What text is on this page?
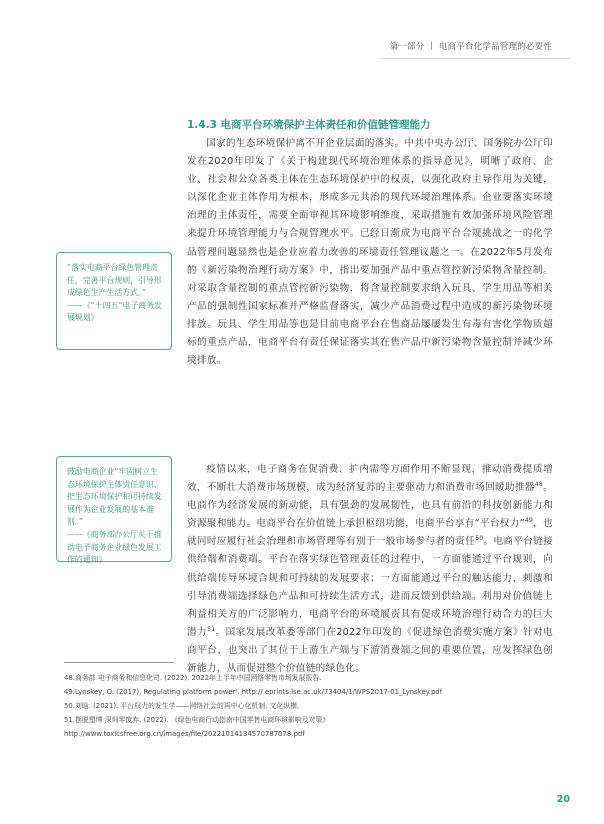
第一部分 丨 电商平台化学品管理的必要性
1.4.3 电商平台环境保护主体责任和价值链管理能力

国家的生态环境保护离不开企业层面的落实。中共中央办公厅、国务院办公厅印发在2020年印发了《关于构建现代环境治理体系的指导意见》，明晰了政府、企业、社会和公众各类主体在生态环境保护中的权责，以强化政府主导作用为关键，以深化企业主体作用为根本，形成多元共治的现代环境治理体系。企业要落实环境治理的主体责任，需要全面审视其环境影响维度，采取措施有效加强环境风险管理来提升环境管理能力与合规管理水平。已经日渐成为电商平台合规挑战之一的化学品管理问题显然也是企业应着力改善的环境责任管理议题之一。在2022年5月发布的《新污染物治理行动方案》中，指出要加强产品中重点管控新污染物含量控制。对采取含量控制的重点管控新污染物，将含量控制要求纳入玩具、学生用品等相关产品的强制性国家标准并严格监督落实，减少产品消费过程中造成的新污染物环境排放。玩具、学生用品等也是目前电商平台在售商品屡屡发生有毒有害化学物质超标的重点产品，电商平台有责任保证落实其在售产品中新污染物含量控制并减少环境排放。

疫情以来，电子商务在促消费、扩内需等方面作用不断显现，推动消费提质增效，不断壮大消费市场规模，成为经济复苏的主要驱动力和消费市场回暖助推器$^{48}$。电商作为经济发展的新动能，具有强劲的发展韧性，也具有前沿的科技创新能力和资源聚和能力。电商平台在价值链上承担枢纽功能，电商平台享有“平台权力”$^{49}$，也就同时应履行社会治理和市场管理等有别于一般市场参与者的责任$^{50}$。电商平台链接供给端和消费端。平台在落实绿色管理责任的过程中，一方面能通过平台规则，向供给端传导环境合规和可持续的发展要求；一方面能通过平台的触达能力，刺激和引导消费端选择绿色产品和可持续生活方式，进而反馈到供给端。利用对价值链上利益相关方的广泛影响力，电商平台的环境履责具有促成环境治理行动合力的巨大潜力$^{51}$。国家发展改革委等部门在2022年印发的《促进绿色消费实施方案》针对电商平台，也突出了其位于上游生产端与下游消费端之间的重要位置，应发挥绿色创新能力，从而促进整个价值链的绿色化。

“落实电商平台绿色管理责任，完善平台规则，引导形成绿色生产生活方式。”
——《“十四五”电子商务发展规划》
鼓励电商企业“牢固树立生态环境保护主体责任意识、把生态环境保护和可持续发展作为企业发展的基本准则。”
——《商务部办公厅关于推动电子商务企业绿色发展工作的通知》
48.商务部 电子商务和信息化司. (2022). 2022年上半年中国网络零售市场发展报告.
49.Lynskey, O. (2017). Regulating platform power'. http:// eprints.lse.ac.uk/73404/1/WPS2017-01_Lynskey.pdf
50.刘晗. (2021). 平台权力的发生学——网络社会的再中心化机制. 文化纵横.
51.摆脱塑缚 深圳零废弃. (2022). 《绿色电商行动指南中国零售电商环境影响及对策》
http://www.toxicsfree.org.cn/images/file/20221014134570787078.pdf
20
